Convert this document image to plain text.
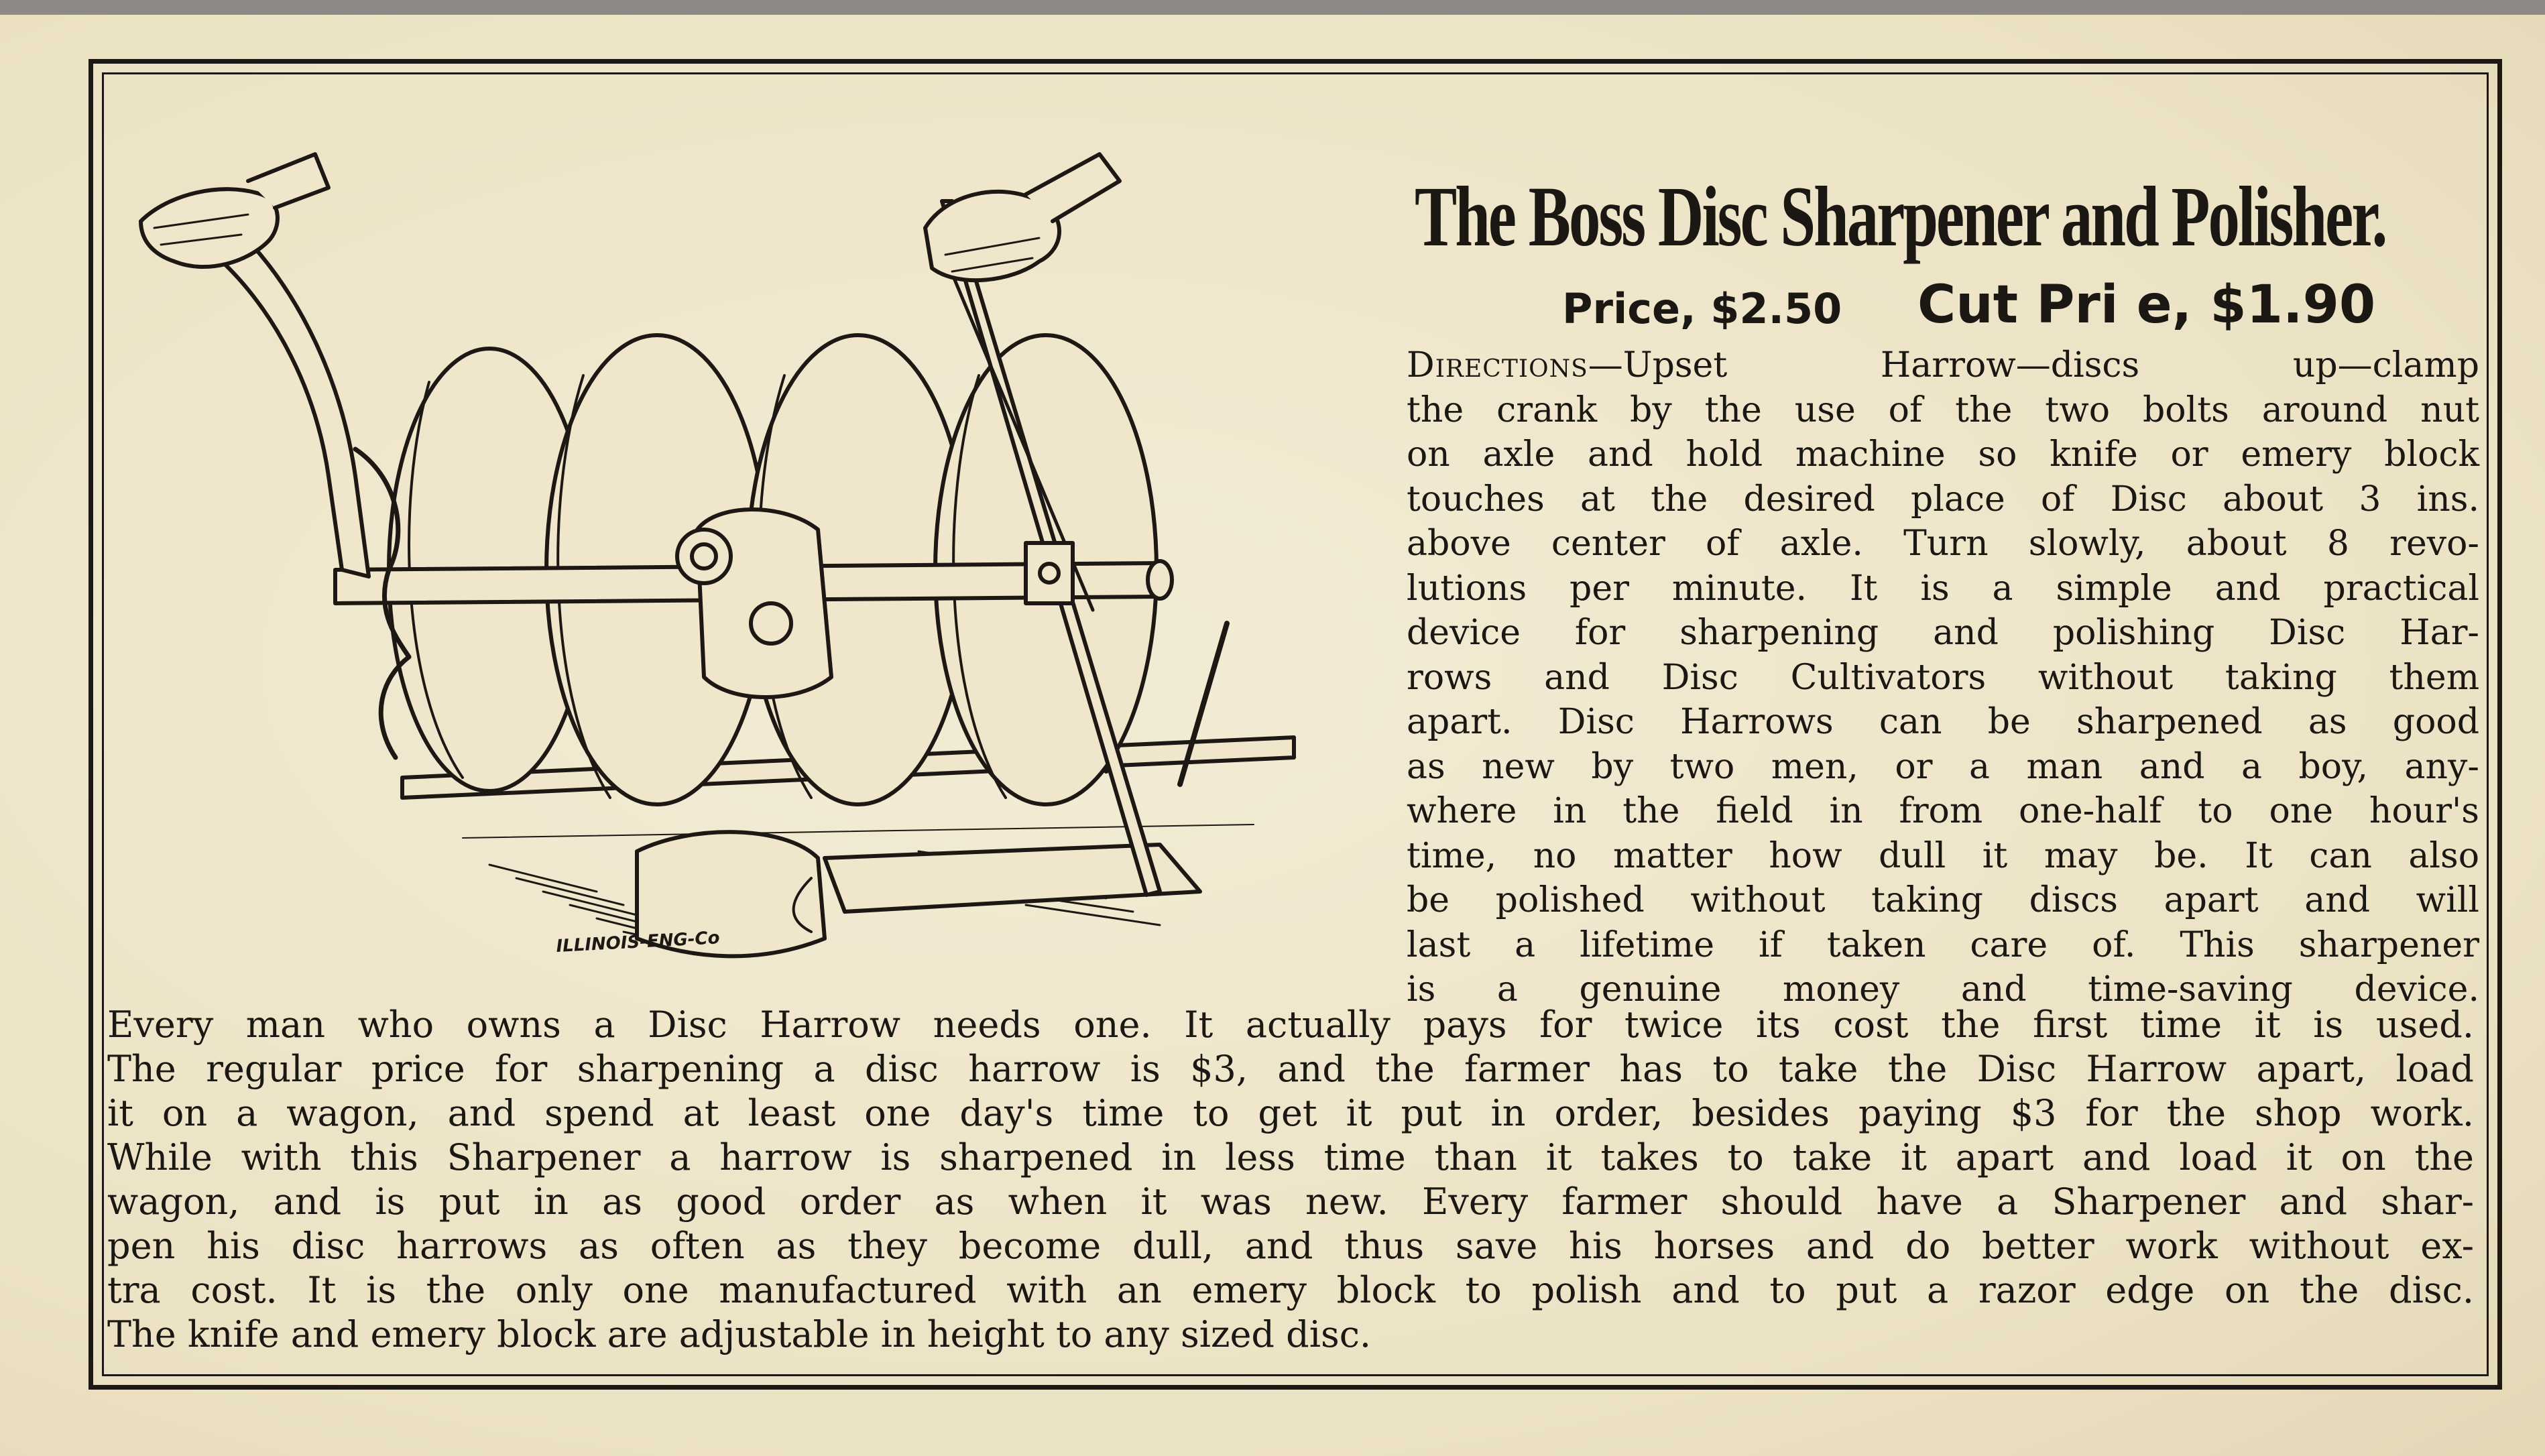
ILLINOIS-ENG-Co
The Boss Disc Sharpener and Polisher.
Price, $2.50 Cut Pri e, $1.90
Directions—Upset Harrow—discs up—clamp
the crank by the use of the two bolts around nut
on axle and hold machine so knife or emery block
touches at the desired place of Disc about 3 ins.
above center of axle. Turn slowly, about 8 revo-
lutions per minute. It is a simple and practical
device for sharpening and polishing Disc Har-
rows and Disc Cultivators without taking them
apart. Disc Harrows can be sharpened as good
as new by two men, or a man and a boy, any-
where in the field in from one-half to one hour's
time, no matter how dull it may be. It can also
be polished without taking discs apart and will
last a lifetime if taken care of. This sharpener
is a genuine money and time-saving device.
Every man who owns a Disc Harrow needs one. It actually pays for twice its cost the first time it is used.
The regular price for sharpening a disc harrow is $3, and the farmer has to take the Disc Harrow apart, load
it on a wagon, and spend at least one day's time to get it put in order, besides paying $3 for the shop work.
While with this Sharpener a harrow is sharpened in less time than it takes to take it apart and load it on the
wagon, and is put in as good order as when it was new. Every farmer should have a Sharpener and shar-
pen his disc harrows as often as they become dull, and thus save his horses and do better work without ex-
tra cost. It is the only one manufactured with an emery block to polish and to put a razor edge on the disc.
The knife and emery block are adjustable in height to any sized disc.
